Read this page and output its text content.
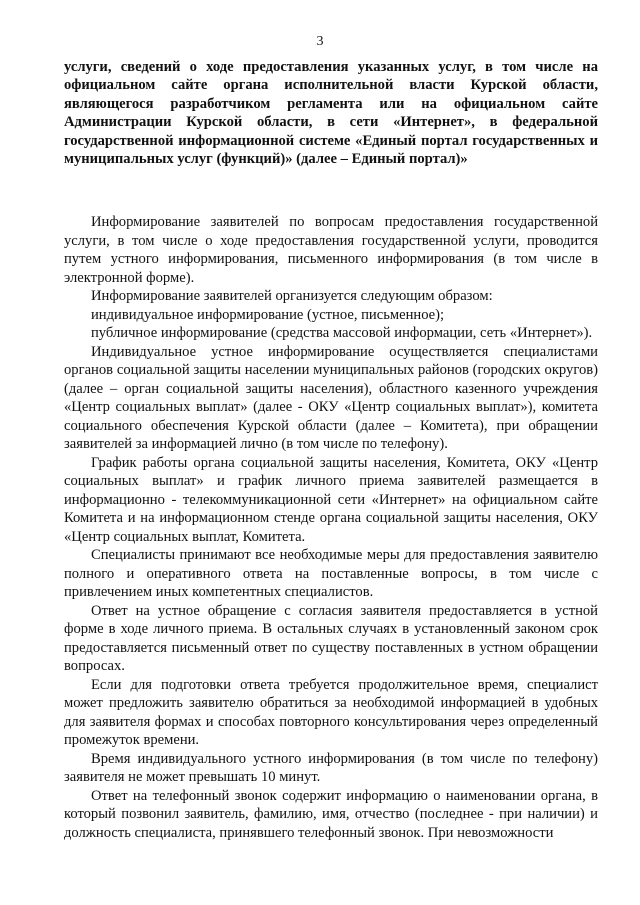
3

услуги, сведений о ходе предоставления указанных услуг, в том числе на официальном сайте органа исполнительной власти Курской области, являющегося разработчиком регламента или на официальном сайте Администрации Курской области, в сети «Интернет», в федеральной государственной информационной системе «Единый портал государственных и муниципальных услуг (функций)» (далее – Единый портал)»

Информирование заявителей по вопросам предоставления государственной услуги, в том числе о ходе предоставления государственной услуги, проводится путем устного информирования, письменного информирования (в том числе в электронной форме).

Информирование заявителей организуется следующим образом:

индивидуальное информирование (устное, письменное);

публичное информирование (средства массовой информации, сеть «Интернет»).

Индивидуальное устное информирование осуществляется специалистами органов социальной защиты населении муниципальных районов (городских округов) (далее – орган социальной защиты населения), областного казенного учреждения «Центр социальных выплат» (далее - ОКУ «Центр социальных выплат»), комитета социального обеспечения Курской области (далее – Комитета), при обращении заявителей за информацией лично (в том числе по телефону).

График работы органа социальной защиты населения, Комитета, ОКУ «Центр социальных выплат» и график личного приема заявителей размещается в информационно - телекоммуникационной сети «Интернет» на официальном сайте Комитета и на информационном стенде органа социальной защиты населения, ОКУ «Центр социальных выплат, Комитета.

Специалисты принимают все необходимые меры для предоставления заявителю полного и оперативного ответа на поставленные вопросы, в том числе с привлечением иных компетентных специалистов.

Ответ на устное обращение с согласия заявителя предоставляется в устной форме в ходе личного приема. В остальных случаях в установленный законом срок предоставляется письменный ответ по существу поставленных в устном обращении вопросах.

Если для подготовки ответа требуется продолжительное время, специалист может предложить заявителю обратиться за необходимой информацией в удобных для заявителя формах и способах повторного консультирования через определенный промежуток времени.

Время индивидуального устного информирования (в том числе по телефону) заявителя не может превышать 10 минут.

Ответ на телефонный звонок содержит информацию о наименовании органа, в который позвонил заявитель, фамилию, имя, отчество (последнее - при наличии) и должность специалиста, принявшего телефонный звонок. При невозможности
